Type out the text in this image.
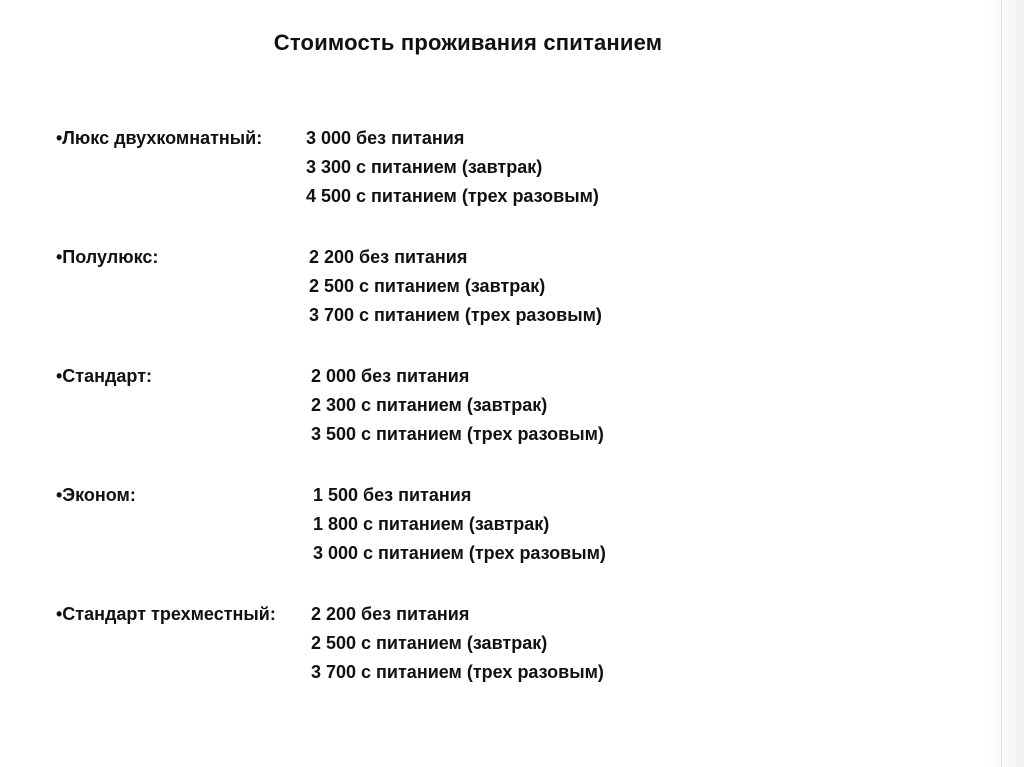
Стоимость проживания спитанием
•Люкс двухкомнатный:	3 000 без питания
3 300 с питанием (завтрак)
4 500 с питанием (трех разовым)
•Полулюкс:	2 200 без питания
2 500 с питанием (завтрак)
3 700 с питанием (трех разовым)
•Стандарт:	2 000 без питания
2 300 с питанием (завтрак)
3 500 с питанием (трех разовым)
•Эконом:	1 500 без питания
1 800 с питанием (завтрак)
3 000 с питанием (трех разовым)
•Стандарт трехместный:	2 200 без питания
2 500 с питанием (завтрак)
3 700 с питанием (трех разовым)
